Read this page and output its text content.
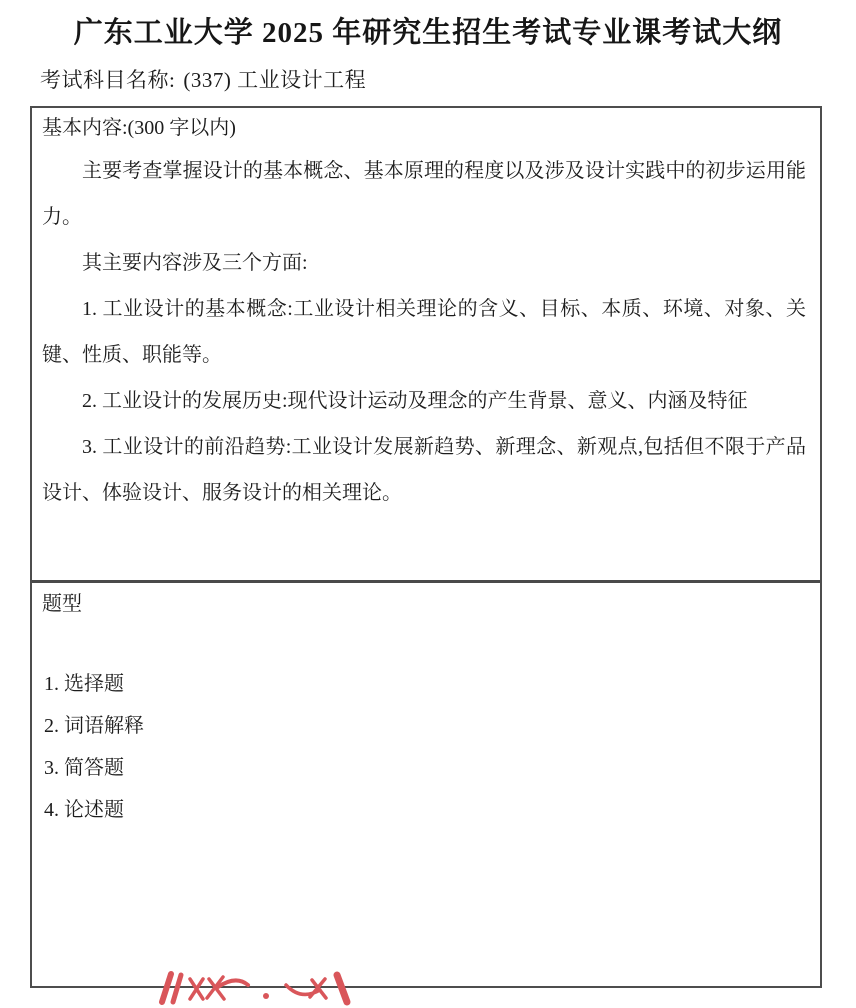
广东工业大学 2025 年研究生招生考试专业课考试大纲
考试科目名称: (337) 工业设计工程
基本内容:(300 字以内)

主要考查掌握设计的基本概念、基本原理的程度以及涉及设计实践中的初步运用能力。

其主要内容涉及三个方面:

1. 工业设计的基本概念:工业设计相关理论的含义、目标、本质、环境、对象、关键、性质、职能等。

2. 工业设计的发展历史:现代设计运动及理念的产生背景、意义、内涵及特征

3. 工业设计的前沿趋势:工业设计发展新趋势、新理念、新观点,包括但不限于产品设计、体验设计、服务设计的相关理论。

题型
1. 选择题
2. 词语解释
3. 简答题
4. 论述题
